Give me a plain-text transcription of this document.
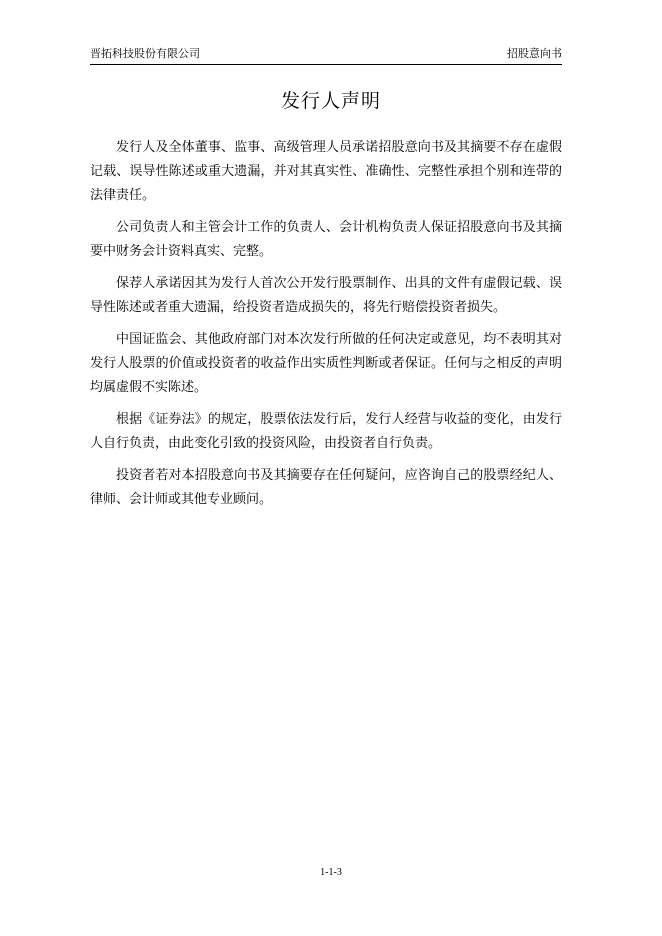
晋拓科技股份有限公司	招股意向书
发行人声明

发行人及全体董事、监事、高级管理人员承诺招股意向书及其摘要不存在虚假记载、误导性陈述或重大遗漏，并对其真实性、准确性、完整性承担个别和连带的法律责任。

公司负责人和主管会计工作的负责人、会计机构负责人保证招股意向书及其摘要中财务会计资料真实、完整。

保荐人承诺因其为发行人首次公开发行股票制作、出具的文件有虚假记载、误导性陈述或者重大遗漏，给投资者造成损失的，将先行赔偿投资者损失。

中国证监会、其他政府部门对本次发行所做的任何决定或意见，均不表明其对发行人股票的价值或投资者的收益作出实质性判断或者保证。任何与之相反的声明均属虚假不实陈述。

根据《证券法》的规定，股票依法发行后，发行人经营与收益的变化，由发行人自行负责，由此变化引致的投资风险，由投资者自行负责。

投资者若对本招股意向书及其摘要存在任何疑问，应咨询自己的股票经纪人、律师、会计师或其他专业顾问。

1-1-3
